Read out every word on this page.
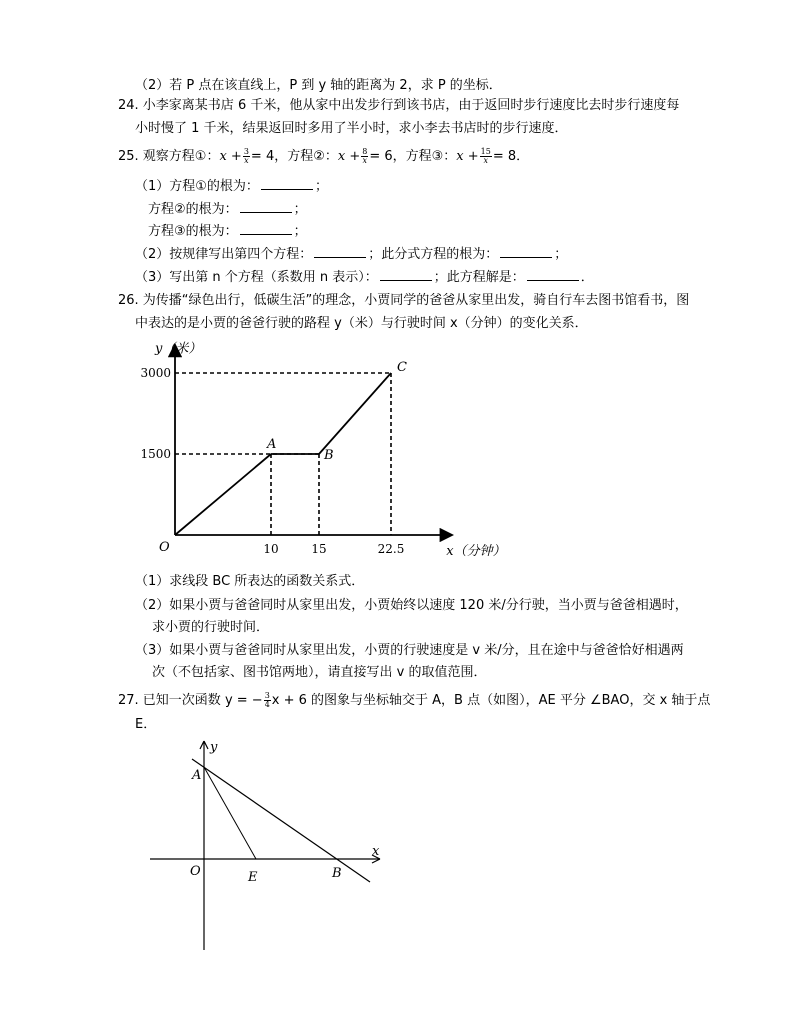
（2）若 P 点在该直线上，P 到 y 轴的距离为 2，求 P 的坐标．
24. 小李家离某书店 6 千米，他从家中出发步行到该书店，由于返回时步行速度比去时步行速度每
小时慢了 1 千米，结果返回时多用了半小时，求小李去书店时的步行速度．
25. 观察方程①：$x + \frac{3}{x} = 4$，方程②：$x + \frac{8}{x} = 6$，方程③：$x + \frac{15}{x} = 8$．
（1）方程①的根为：	；
方程②的根为：	；
方程③的根为：	；
（2）按规律写出第四个方程：	；此分式方程的根为：	；
（3）写出第 n 个方程（系数用 n 表示）：	；此方程解是：	．
26. 为传播“绿色出行，低碳生活”的理念，小贾同学的爸爸从家里出发，骑自行车去图书馆看书，图
中表达的是小贾的爸爸行驶的路程 y（米）与行驶时间 x（分钟）的变化关系．
10	15	22.5
1500
3000
O
A
B
C
y（米）
x（分钟）
（1）求线段 BC 所表达的函数关系式．
（2）如果小贾与爸爸同时从家里出发，小贾始终以速度 120 米/分行驶，当小贾与爸爸相遇时，
求小贾的行驶时间．
（3）如果小贾与爸爸同时从家里出发，小贾的行驶速度是 v 米/分，且在途中与爸爸恰好相遇两
次（不包括家、图书馆两地），请直接写出 v 的取值范围．
27. 已知一次函数 y = − $\frac{3}{4}$ x + 6 的图象与坐标轴交于 A，B 点（如图），AE 平分 ∠BAO，交 x 轴于点
E．
y
x
A
O	E	B
